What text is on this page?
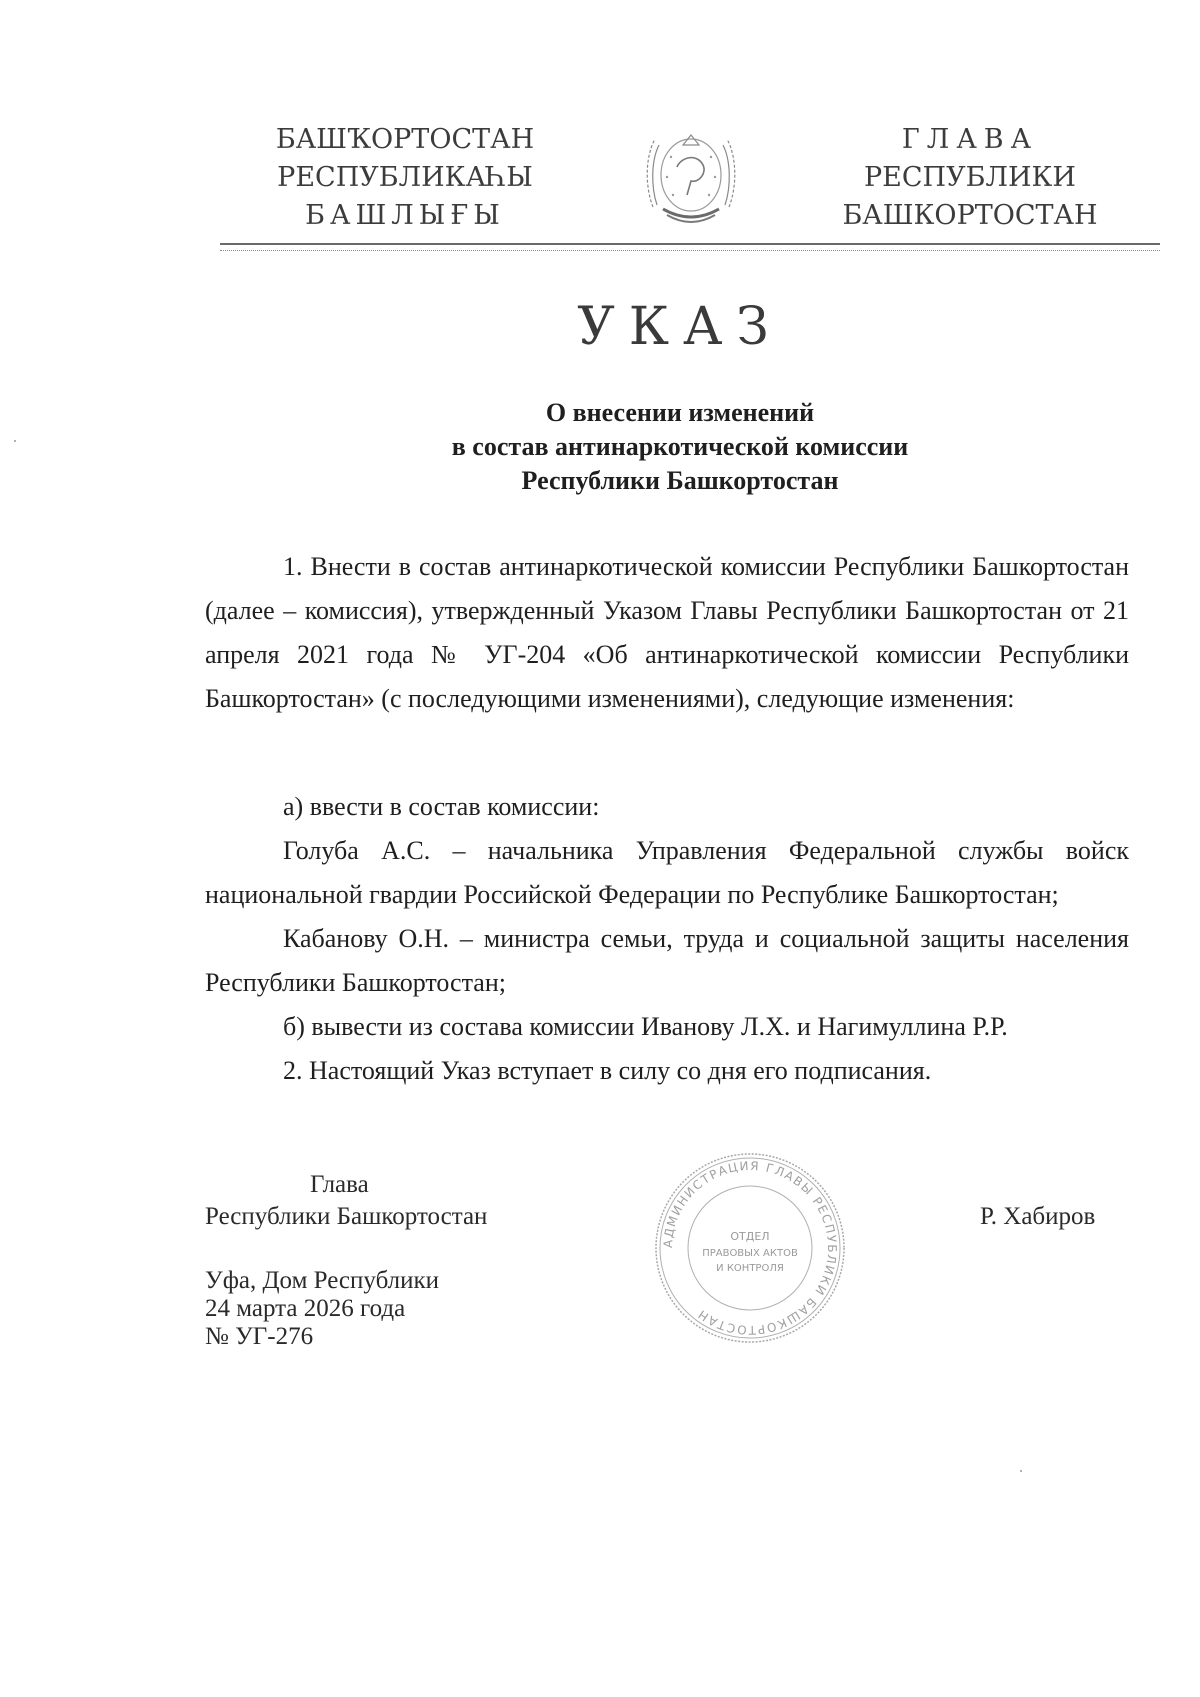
БАШҠОРТОСТАН
РЕСПУБЛИКАҺЫ
БАШЛЫҒЫ
ГЛАВА
РЕСПУБЛИКИ
БАШКОРТОСТАН
УКАЗ
О внесении изменений
в состав антинаркотической комиссии
Республики Башкортостан
1. Внести в состав антинаркотической комиссии Республики Башкортостан (далее – комиссия), утвержденный Указом Главы Республики Башкортостан от 21 апреля 2021 года № УГ-204 «Об антинаркотической комиссии Республики Башкортостан» (с последующими изменениями), следующие изменения:
а) ввести в состав комиссии:
Голуба А.С. – начальника Управления Федеральной службы войск национальной гвардии Российской Федерации по Республике Башкортостан;
Кабанову О.Н. – министра семьи, труда и социальной защиты населения Республики Башкортостан;
б) вывести из состава комиссии Иванову Л.Х. и Нагимуллина Р.Р.
2. Настоящий Указ вступает в силу со дня его подписания.
Глава
Республики Башкортостан	Р. Хабиров
Уфа, Дом Республики
24 марта 2026 года
№ УГ-276
АДМИНИСТРАЦИЯ ГЛАВЫ РЕСПУБЛИКИ БАШКОРТОСТАН
ОТДЕЛ
ПРАВОВЫХ АКТОВ
И КОНТРОЛЯ
